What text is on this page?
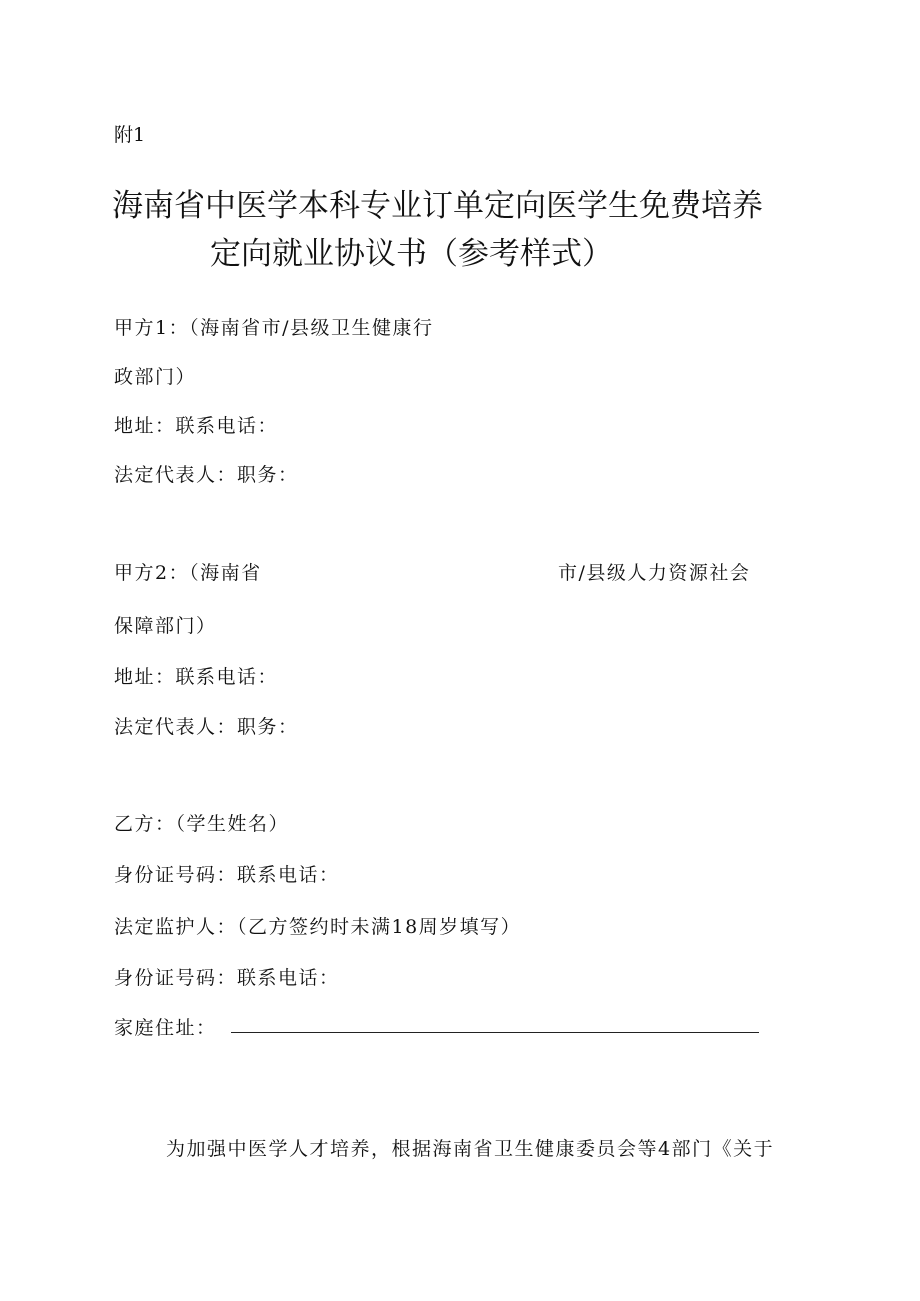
附1
海南省中医学本科专业订单定向医学生免费培养
定向就业协议书（参考样式）
甲方1：（海南省市/县级卫生健康行
政部门）
地址：联系电话：
法定代表人：职务：
甲方2：（海南省	市/县级人力资源社会
保障部门）
地址：联系电话：
法定代表人：职务：
乙方：（学生姓名）
身份证号码：联系电话：
法定监护人：（乙方签约时未满18周岁填写）
身份证号码：联系电话：
家庭住址：
为加强中医学人才培养，根据海南省卫生健康委员会等4部门《关于
